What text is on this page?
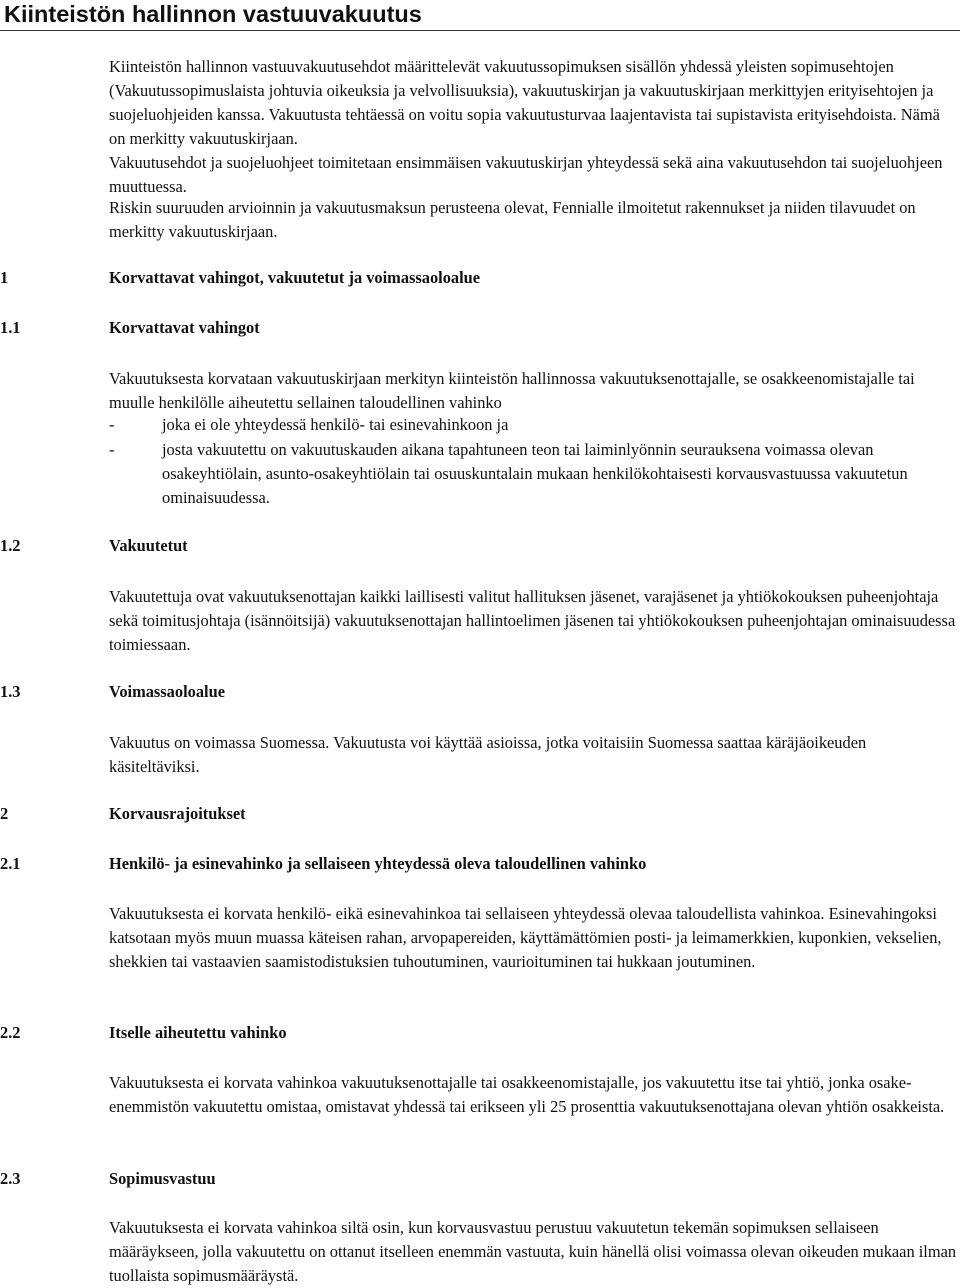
Kiinteistön hallinnon vastuuvakuutus

Kiinteistön hallinnon vastuuvakuutusehdot määrittelevät vakuutussopimuksen sisällön yhdessä yleisten sopimusehtojen (Vakuutussopimuslaista johtuvia oikeuksia ja velvollisuuksia), vakuutuskirjan ja vakuutuskirjaan merkittyjen erityisehtojen ja suojeluohjeiden kanssa. Vakuutusta tehtäessä on voitu sopia vakuutusturvaa laajentavista tai supistavista erityisehdoista. Nämä on merkitty vakuutuskirjaan.

Vakuutusehdot ja suojeluohjeet toimitetaan ensimmäisen vakuutuskirjan yhteydessä sekä aina vakuutusehdon tai suojeluohjeen muuttuessa.

Riskin suuruuden arvioinnin ja vakuutusmaksun perusteena olevat, Fennialle ilmoitetut rakennukset ja niiden tilavuudet on merkitty vakuutuskirjaan.

1	Korvattavat vahingot, vakuutetut ja voimassaoloalue
1.1	Korvattavat vahingot

Vakuutuksesta korvataan vakuutuskirjaan merkityn kiinteistön hallinnossa vakuutuksenottajalle, se osakkeenomistajalle tai muulle henkilölle aiheutettu sellainen taloudellinen vahinko

-	joka ei ole yhteydessä henkilö- tai esinevahinkoon ja
-	josta vakuutettu on vakuutuskauden aikana tapahtuneen teon tai laiminlyönnin seurauksena voimassa olevan osakeyhtiölain, asunto-osakeyhtiölain tai osuuskuntalain mukaan henkilökohtaisesti korvausvastuussa vakuutetun ominaisuudessa.
1.2	Vakuutetut

Vakuutettuja ovat vakuutuksenottajan kaikki laillisesti valitut hallituksen jäsenet, varajäsenet ja yhtiökokouksen puheenjohtaja sekä toimitusjohtaja (isännöitsijä) vakuutuksenottajan hallintoelimen jäsenen tai yhtiökokouksen puheenjohtajan ominaisuudessa toimiessaan.

1.3	Voimassaoloalue

Vakuutus on voimassa Suomessa. Vakuutusta voi käyttää asioissa, jotka voitaisiin Suomessa saattaa käräjäoikeuden käsiteltäviksi.

2	Korvausrajoitukset
2.1	Henkilö- ja esinevahinko ja sellaiseen yhteydessä oleva taloudellinen vahinko

Vakuutuksesta ei korvata henkilö- eikä esinevahinkoa tai sellaiseen yhteydessä olevaa taloudellista vahinkoa. Esinevahingoksi katsotaan myös muun muassa käteisen rahan, arvopapereiden, käyttämättömien posti- ja leimamerkkien, kuponkien, vekselien, shekkien tai vastaavien saamistodistuksien tuhoutuminen, vaurioituminen tai hukkaan joutuminen.

2.2	Itselle aiheutettu vahinko

Vakuutuksesta ei korvata vahinkoa vakuutuksenottajalle tai osakkeenomistajalle, jos vakuutettu itse tai yhtiö, jonka osake-enemmistön vakuutettu omistaa, omistavat yhdessä tai erikseen yli 25 prosenttia vakuutuksenottajana olevan yhtiön osakkeista.

2.3	Sopimusvastuu

Vakuutuksesta ei korvata vahinkoa siltä osin, kun korvausvastuu perustuu vakuutetun tekemän sopimuksen sellaiseen määräykseen, jolla vakuutettu on ottanut itselleen enemmän vastuuta, kuin hänellä olisi voimassa olevan oikeuden mukaan ilman tuollaista sopimusmääräystä.
